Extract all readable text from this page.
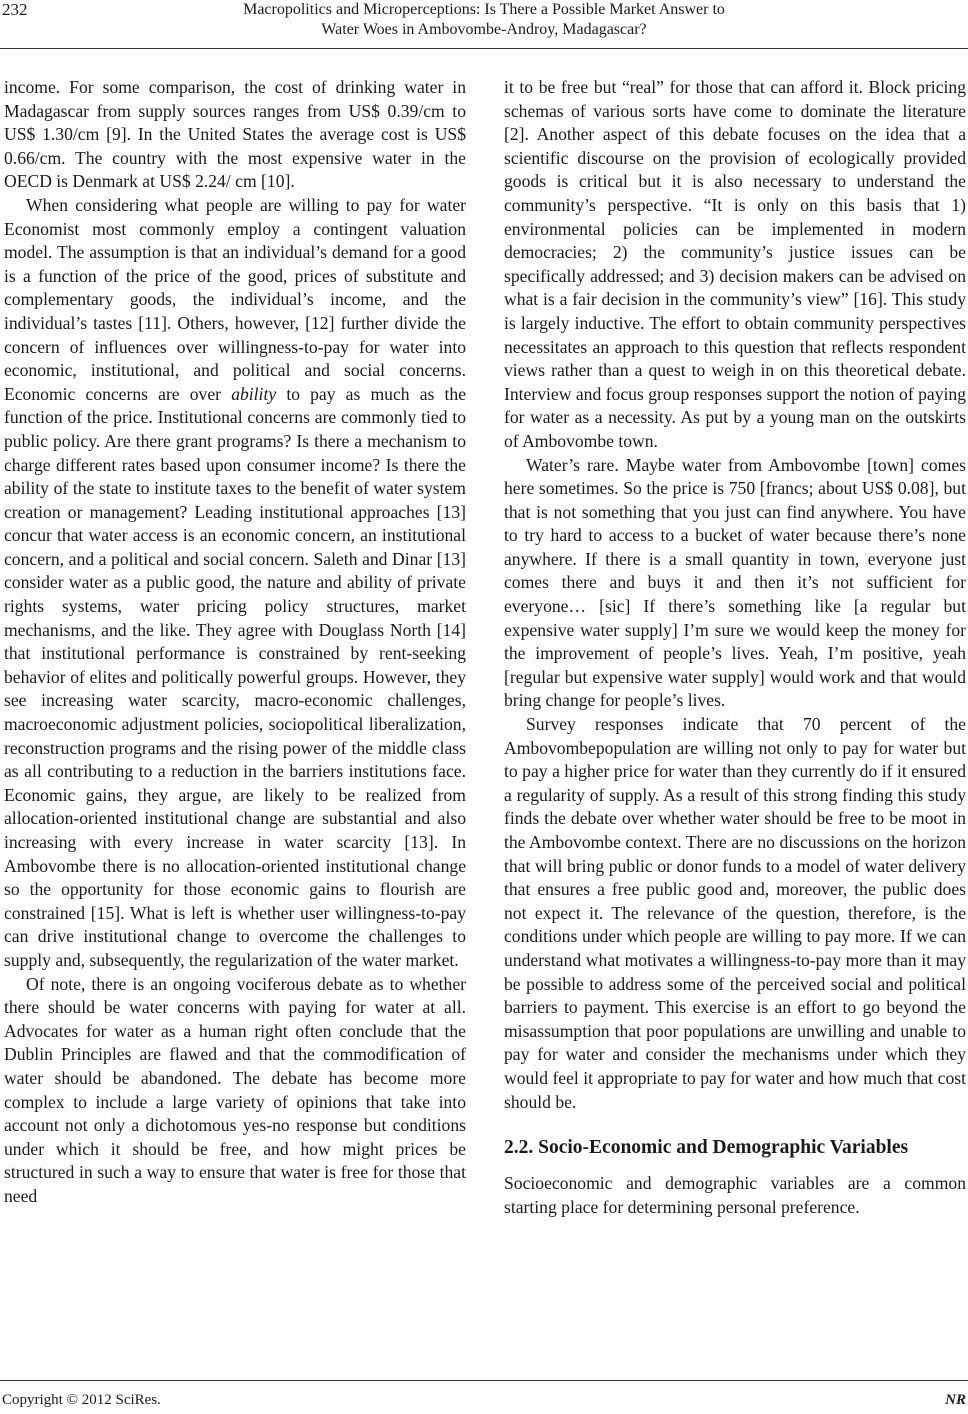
232	Macropolitics and Microperceptions: Is There a Possible Market Answer to
Water Woes in Ambovombe-Androy, Madagascar?

income. For some comparison, the cost of drinking water in Madagascar from supply sources ranges from US$ 0.39/cm to US$ 1.30/cm [9]. In the United States the average cost is US$ 0.66/cm. The country with the most expensive water in the OECD is Denmark at US$ 2.24/ cm [10].

When considering what people are willing to pay for water Economist most commonly employ a contingent valuation model. The assumption is that an individual’s demand for a good is a function of the price of the good, prices of substitute and complementary goods, the individual’s income, and the individual’s tastes [11]. Others, however, [12] further divide the concern of influences over willingness-to-pay for water into economic, institutional, and political and social concerns. Economic concerns are over ability to pay as much as the function of the price. Institutional concerns are commonly tied to public policy. Are there grant programs? Is there a mechanism to charge different rates based upon consumer income? Is there the ability of the state to institute taxes to the benefit of water system creation or management? Leading institutional approaches [13] concur that water access is an economic concern, an institutional concern, and a political and social concern. Saleth and Dinar [13] consider water as a public good, the nature and ability of private rights systems, water pricing policy structures, market mechanisms, and the like. They agree with Douglass North [14] that institutional performance is constrained by rent-seeking behavior of elites and politically powerful groups. However, they see increasing water scarcity, macro-economic challenges, macroeconomic adjustment policies, sociopolitical liberalization, reconstruction programs and the rising power of the middle class as all contributing to a reduction in the barriers institutions face. Economic gains, they argue, are likely to be realized from allocation-oriented institutional change are substantial and also increasing with every increase in water scarcity [13]. In Ambovombe there is no allocation-oriented institutional change so the opportunity for those economic gains to flourish are constrained [15]. What is left is whether user willingness-to-pay can drive institutional change to overcome the challenges to supply and, subsequently, the regularization of the water market.

Of note, there is an ongoing vociferous debate as to whether there should be water concerns with paying for water at all. Advocates for water as a human right often conclude that the Dublin Principles are flawed and that the commodification of water should be abandoned. The debate has become more complex to include a large variety of opinions that take into account not only a dichotomous yes-no response but conditions under which it should be free, and how might prices be structured in such a way to ensure that water is free for those that need

it to be free but “real” for those that can afford it. Block pricing schemas of various sorts have come to dominate the literature [2]. Another aspect of this debate focuses on the idea that a scientific discourse on the provision of ecologically provided goods is critical but it is also necessary to understand the community’s perspective. “It is only on this basis that 1) environmental policies can be implemented in modern democracies; 2) the community’s justice issues can be specifically addressed; and 3) decision makers can be advised on what is a fair decision in the community’s view” [16]. This study is largely inductive. The effort to obtain community perspectives necessitates an approach to this question that reflects respondent views rather than a quest to weigh in on this theoretical debate. Interview and focus group responses support the notion of paying for water as a necessity. As put by a young man on the outskirts of Ambovombe town.

Water’s rare. Maybe water from Ambovombe [town] comes here sometimes. So the price is 750 [francs; about US$ 0.08], but that is not something that you just can find anywhere. You have to try hard to access to a bucket of water because there’s none anywhere. If there is a small quantity in town, everyone just comes there and buys it and then it’s not sufficient for everyone… [sic] If there’s something like [a regular but expensive water supply] I’m sure we would keep the money for the improvement of people’s lives. Yeah, I’m positive, yeah [regular but expensive water supply] would work and that would bring change for people’s lives.

Survey responses indicate that 70 percent of the Ambovombepopulation are willing not only to pay for water but to pay a higher price for water than they currently do if it ensured a regularity of supply. As a result of this strong finding this study finds the debate over whether water should be free to be moot in the Ambovombe context. There are no discussions on the horizon that will bring public or donor funds to a model of water delivery that ensures a free public good and, moreover, the public does not expect it. The relevance of the question, therefore, is the conditions under which people are willing to pay more. If we can understand what motivates a willingness-to-pay more than it may be possible to address some of the perceived social and political barriers to payment. This exercise is an effort to go beyond the misassumption that poor populations are unwilling and unable to pay for water and consider the mechanisms under which they would feel it appropriate to pay for water and how much that cost should be.

2.2. Socio-Economic and Demographic Variables

Socioeconomic and demographic variables are a common starting place for determining personal preference.

Copyright © 2012 SciRes.	NR
